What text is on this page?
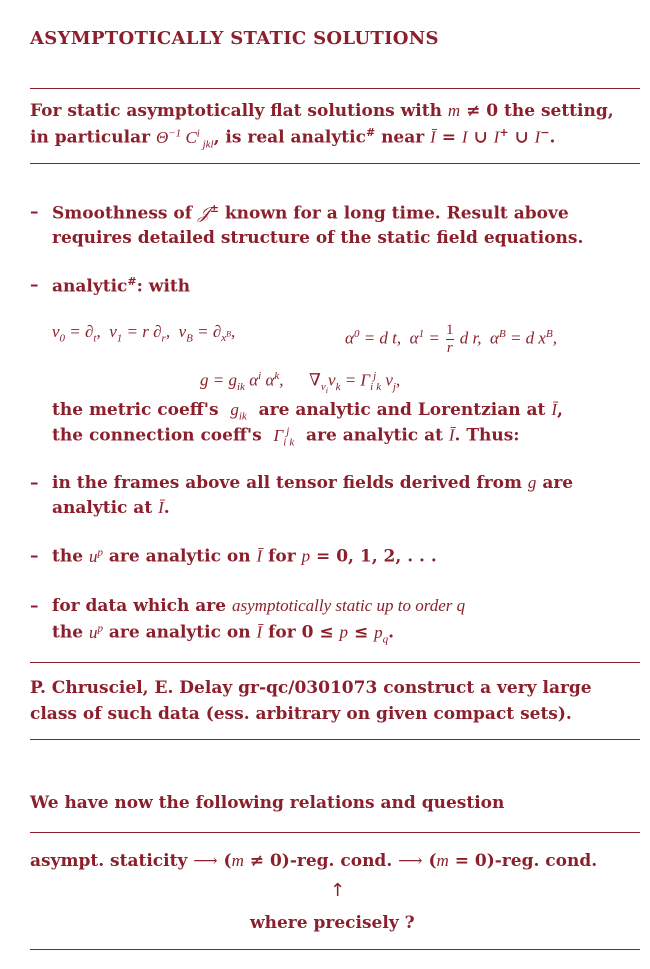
ASYMPTOTICALLY STATIC SOLUTIONS
For static asymptotically flat solutions with m ≠ 0 the setting,
in particular $\Theta^{-1}$ $C^i$ $_{jkl}$, is real analytic# near Ī = I ∪ I+ ∪ I−.
– Smoothness of 𝒥± known for a long time. Result above
requires detailed structure of the static field equations.
– analytic#: with
$v_0 = \partial_t$,  $v_1 = r$ $\partial_r$,  $v_B = \partial_{x^B}$,	$\alpha^0 = d$ t,  $\alpha^1 = \frac{1}{r}$ d r,  $\alpha^B = d$ $x^B$,
$g = g_{ik}$ $\alpha^i$ $\alpha^k$,      $\nabla_{v_i}v_k = \Gamma_i^j_k$ $v_j$,
the metric coeff's  $g_{ik}$  are analytic and Lorentzian at Ī,
the connection coeff's  $\Gamma_i^j_k$  are analytic at Ī. Thus:
– in the frames above all tensor fields derived from g are
analytic at Ī.
– the $u^p$ are analytic on Ī for p = 0, 1, 2, . . .
– for data which are asymptotically static up to order q
the $u^p$ are analytic on Ī for $0 \le p \le p_q$.
P. Chrusciel, E. Delay gr-qc/0301073 construct a very large
class of such data (ess. arbitrary on given compact sets).
We have now the following relations and question
asympt. staticity ⟶ (m ≠ 0)-reg. cond. ⟶ (m = 0)-reg. cond.
↑
where precisely ?
